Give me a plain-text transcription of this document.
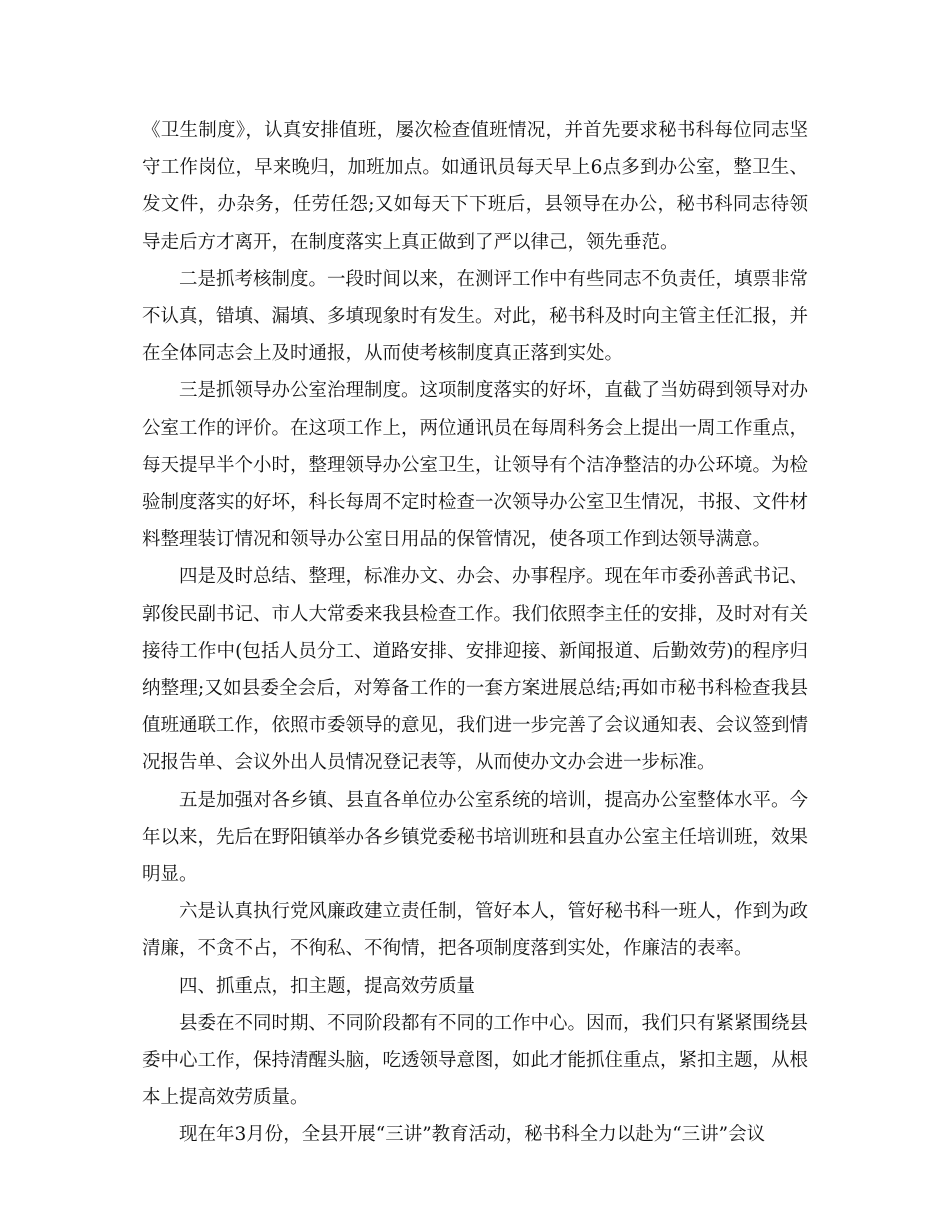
《卫生制度》，认真安排值班，屡次检查值班情况，并首先要求秘书科每位同志坚守工作岗位，早来晚归，加班加点。如通讯员每天早上6点多到办公室，整卫生、发文件，办杂务，任劳任怨;又如每天下下班后，县领导在办公，秘书科同志待领导走后方才离开，在制度落实上真正做到了严以律己，领先垂范。

二是抓考核制度。一段时间以来，在测评工作中有些同志不负责任，填票非常不认真，错填、漏填、多填现象时有发生。对此，秘书科及时向主管主任汇报，并在全体同志会上及时通报，从而使考核制度真正落到实处。

三是抓领导办公室治理制度。这项制度落实的好坏，直截了当妨碍到领导对办公室工作的评价。在这项工作上，两位通讯员在每周科务会上提出一周工作重点，每天提早半个小时，整理领导办公室卫生，让领导有个洁净整洁的办公环境。为检验制度落实的好坏，科长每周不定时检查一次领导办公室卫生情况，书报、文件材料整理装订情况和领导办公室日用品的保管情况，使各项工作到达领导满意。

四是及时总结、整理，标准办文、办会、办事程序。现在年市委孙善武书记、郭俊民副书记、市人大常委来我县检查工作。我们依照李主任的安排，及时对有关接待工作中(包括人员分工、道路安排、安排迎接、新闻报道、后勤效劳)的程序归纳整理;又如县委全会后，对筹备工作的一套方案进展总结;再如市秘书科检查我县值班通联工作，依照市委领导的意见，我们进一步完善了会议通知表、会议签到情况报告单、会议外出人员情况登记表等，从而使办文办会进一步标准。

五是加强对各乡镇、县直各单位办公室系统的培训，提高办公室整体水平。今年以来，先后在野阳镇举办各乡镇党委秘书培训班和县直办公室主任培训班，效果明显。

六是认真执行党风廉政建立责任制，管好本人，管好秘书科一班人，作到为政清廉，不贪不占，不徇私、不徇情，把各项制度落到实处，作廉洁的表率。

四、抓重点，扣主题，提高效劳质量

县委在不同时期、不同阶段都有不同的工作中心。因而，我们只有紧紧围绕县委中心工作，保持清醒头脑，吃透领导意图，如此才能抓住重点，紧扣主题，从根本上提高效劳质量。

现在年3月份，全县开展“三讲”教育活动，秘书科全力以赴为“三讲”会议
